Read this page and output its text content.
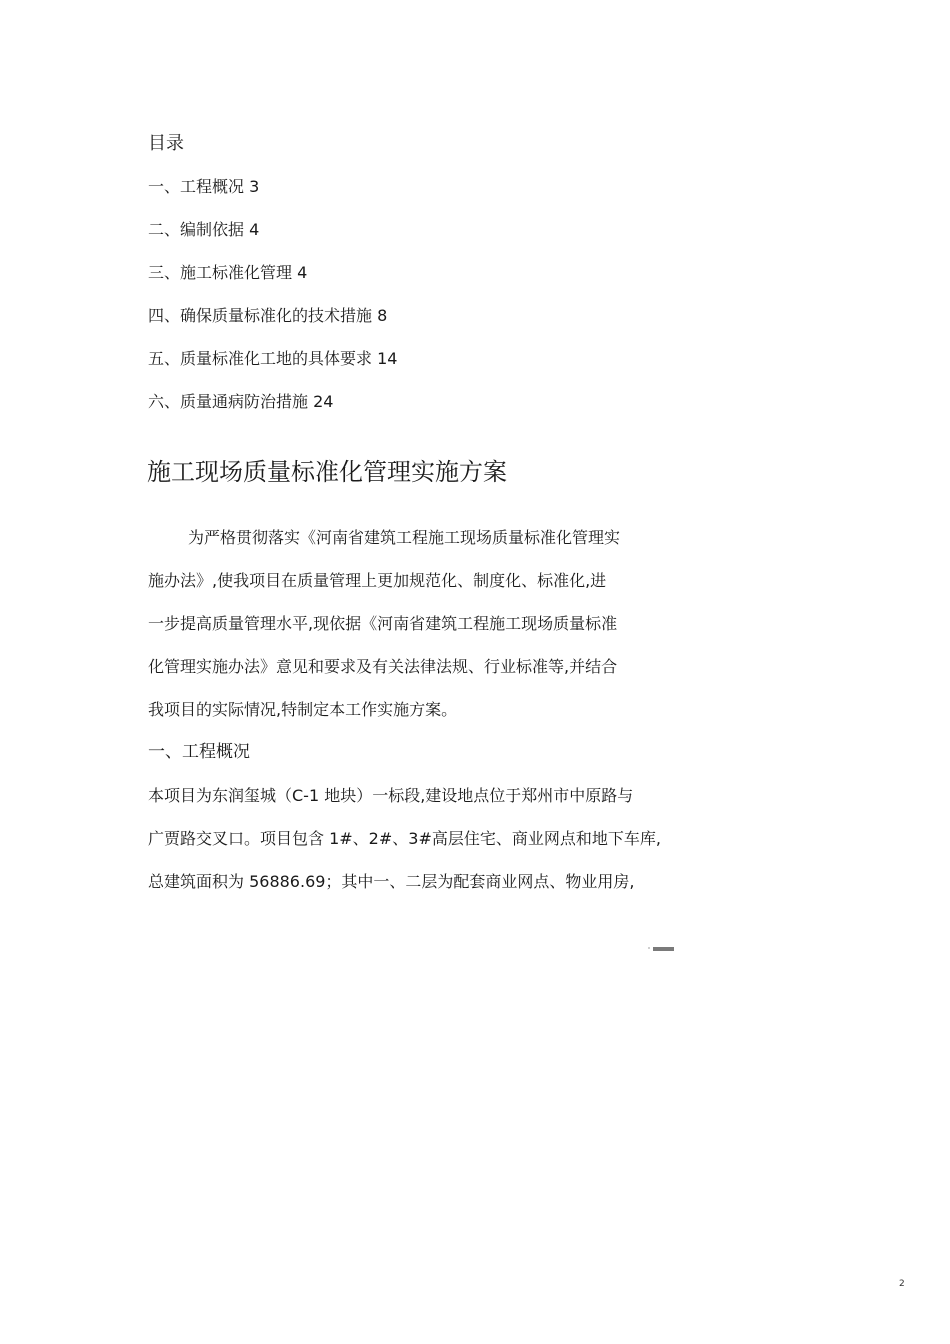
目录
一、工程概况 3
二、编制依据 4
三、施工标准化管理 4
四、确保质量标准化的技术措施 8
五、质量标准化工地的具体要求 14
六、质量通病防治措施 24
施工现场质量标准化管理实施方案

为严格贯彻落实《河南省建筑工程施工现场质量标准化管理实

施办法》,使我项目在质量管理上更加规范化、制度化、标准化,进

一步提高质量管理水平,现依据《河南省建筑工程施工现场质量标准

化管理实施办法》意见和要求及有关法律法规、行业标准等,并结合

我项目的实际情况,特制定本工作实施方案。

一、工程概况

本项目为东润玺城（C-1 地块）一标段,建设地点位于郑州市中原路与

广贾路交叉口。项目包含 1#、2#、3#高层住宅、商业网点和地下车库,

总建筑面积为 56886.69；其中一、二层为配套商业网点、物业用房,

2
